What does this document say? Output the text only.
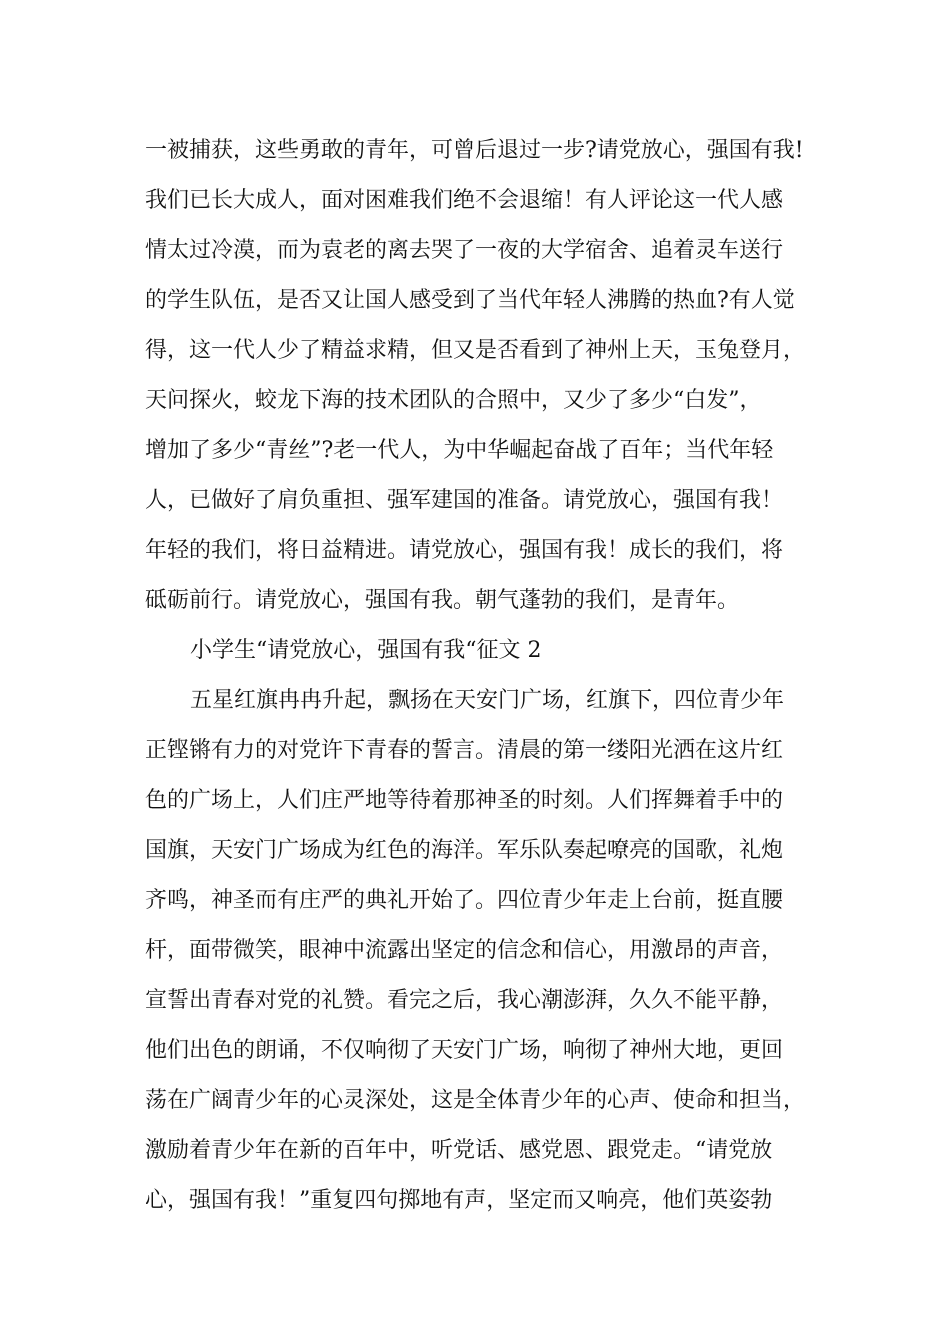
一被捕获，这些勇敢的青年，可曾后退过一步?请党放心，强国有我!
我们已长大成人，面对困难我们绝不会退缩！有人评论这一代人感
情太过冷漠，而为袁老的离去哭了一夜的大学宿舍、追着灵车送行
的学生队伍，是否又让国人感受到了当代年轻人沸腾的热血?有人觉
得，这一代人少了精益求精，但又是否看到了神州上天，玉兔登月，
天问探火，蛟龙下海的技术团队的合照中，又少了多少“白发”，
增加了多少“青丝”?老一代人，为中华崛起奋战了百年；当代年轻
人，已做好了肩负重担、强军建国的准备。请党放心，强国有我！
年轻的我们，将日益精进。请党放心，强国有我！成长的我们，将
砥砺前行。请党放心，强国有我。朝气蓬勃的我们，是青年。
小学生“请党放心，强国有我“征文 2
五星红旗冉冉升起，飘扬在天安门广场，红旗下，四位青少年
正铿锵有力的对党许下青春的誓言。清晨的第一缕阳光洒在这片红
色的广场上，人们庄严地等待着那神圣的时刻。人们挥舞着手中的
国旗，天安门广场成为红色的海洋。军乐队奏起嘹亮的国歌，礼炮
齐鸣，神圣而有庄严的典礼开始了。四位青少年走上台前，挺直腰
杆，面带微笑，眼神中流露出坚定的信念和信心，用激昂的声音，
宣誓出青春对党的礼赞。看完之后，我心潮澎湃，久久不能平静，
他们出色的朗诵，不仅响彻了天安门广场，响彻了神州大地，更回
荡在广阔青少年的心灵深处，这是全体青少年的心声、使命和担当，
激励着青少年在新的百年中，听党话、感党恩、跟党走。“请党放
心，强国有我！”重复四句掷地有声，坚定而又响亮，他们英姿勃
